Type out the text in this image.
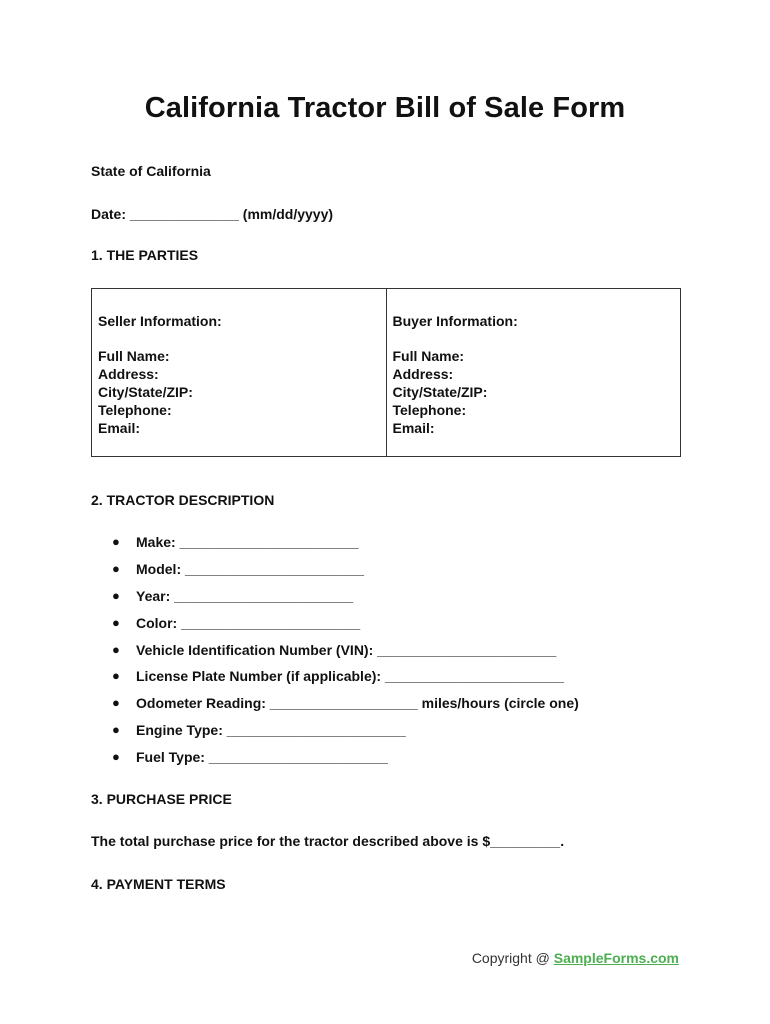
California Tractor Bill of Sale Form
State of California
Date: ______________ (mm/dd/yyyy)
1. THE PARTIES
Seller Information:
Full Name:
Address:
City/State/ZIP:
Telephone:
Email:
Buyer Information:
Full Name:
Address:
City/State/ZIP:
Telephone:
Email:
2. TRACTOR DESCRIPTION
●	Make: _______________________
●	Model: _______________________
●	Year: _______________________
●	Color: _______________________
●	Vehicle Identification Number (VIN): _______________________
●	License Plate Number (if applicable): _______________________
●	Odometer Reading: ___________________ miles/hours (circle one)
●	Engine Type: _______________________
●	Fuel Type: _______________________
3. PURCHASE PRICE
The total purchase price for the tractor described above is $_________.
4. PAYMENT TERMS
Copyright @ SampleForms.com
